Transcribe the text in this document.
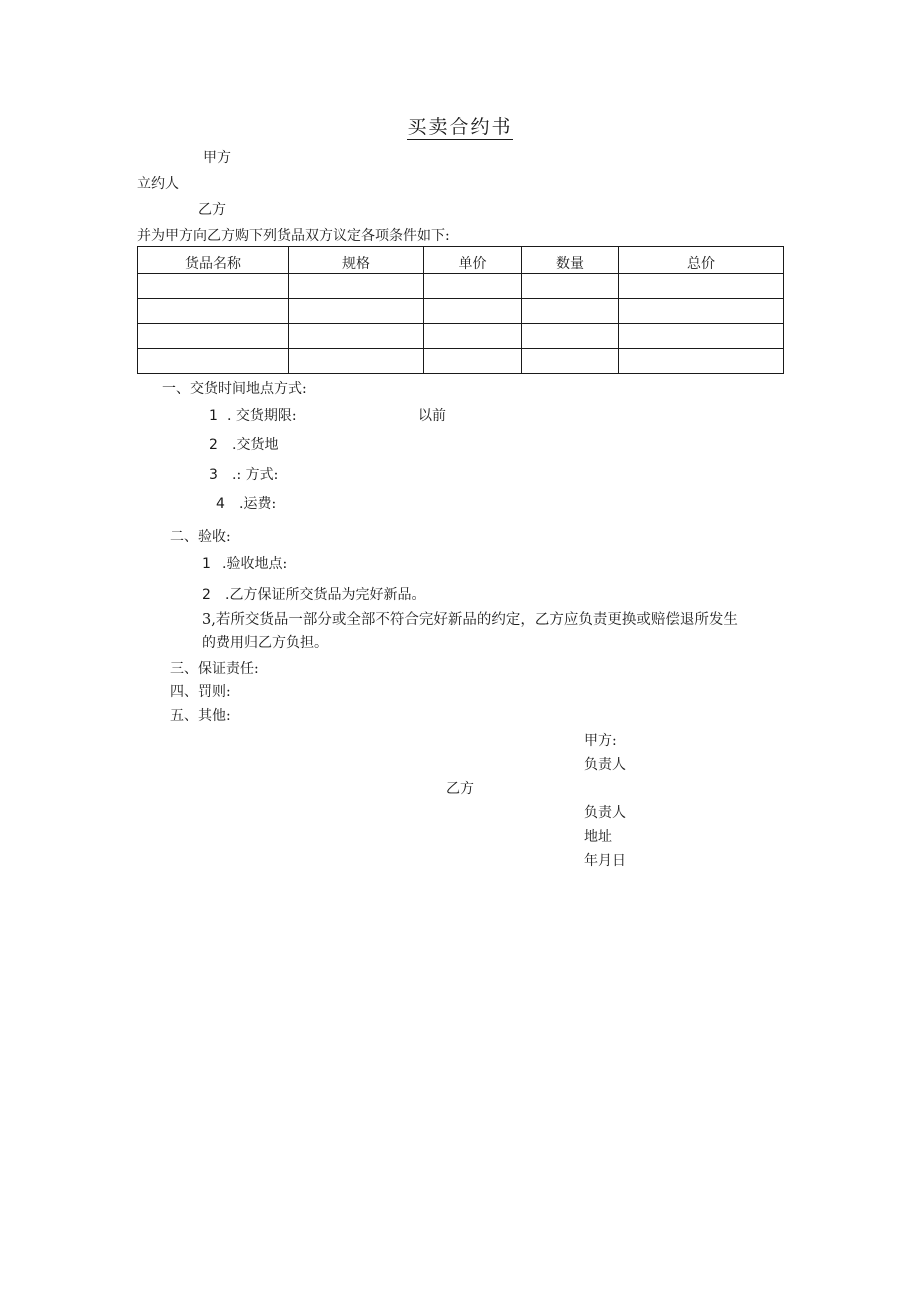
买卖合约书
甲方
立约人
乙方
并为甲方向乙方购下列货品双方议定各项条件如下:
货品名称	规格	单价	数量	总价

一、交货时间地点方式:
1 . 交货期限:	以前
2 .交货地
3 .: 方式:
4 .运费:
二、验收:
1 .验收地点:
2 .乙方保证所交货品为完好新品。
3,若所交货品一部分或全部不符合完好新品的约定，乙方应负责更换或赔偿退所发生
的费用归乙方负担。
三、保证责任:
四、罚则:
五、其他:
甲方:
负责人
乙方
负责人
地址
年月日
